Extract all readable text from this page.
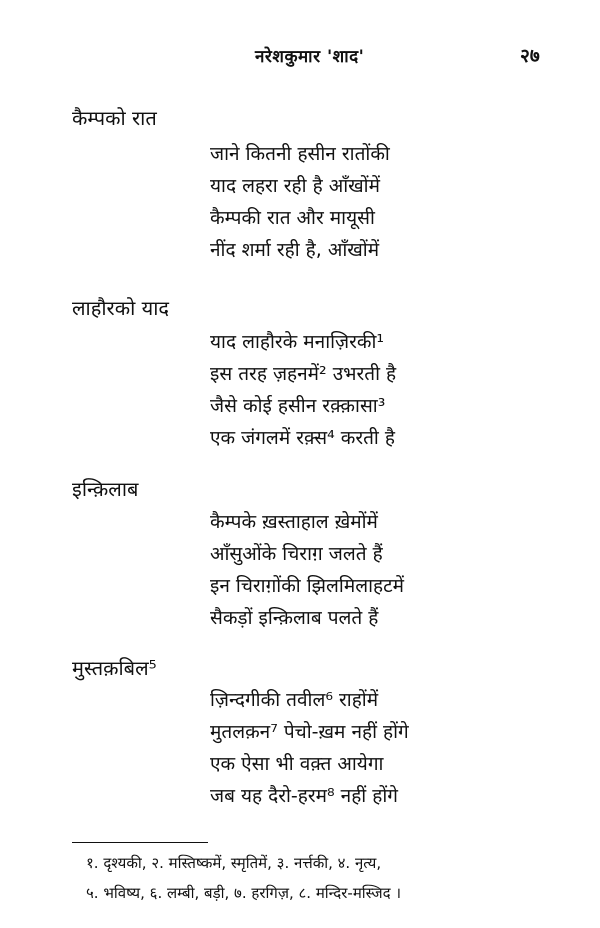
नरेशकुमार 'शाद'	२७
कैम्पको रात
जाने कितनी हसीन रातोंकी
याद लहरा रही है आँखोंमें
कैम्पकी रात और मायूसी
नींद शर्मा रही है, आँखोंमें
लाहौरको याद
याद लाहौरके मनाज़िरकी¹
इस तरह ज़हनमें² उभरती है
जैसे कोई हसीन रक़्क़ासा³
एक जंगलमें रक़्स⁴ करती है
इन्क़िलाब
कैम्पके ख़स्ताहाल ख़ेमोंमें
आँसुओंके चिराग़ जलते हैं
इन चिराग़ोंकी झिलमिलाहटमें
सैकड़ों इन्क़िलाब पलते हैं
मुस्तक़बिल⁵
ज़िन्दगीकी तवील⁶ राहोंमें
मुतलक़न⁷ पेचो-ख़म नहीं होंगे
एक ऐसा भी वक़्त आयेगा
जब यह दैरो-हरम⁸ नहीं होंगे
१. दृश्यकी, २. मस्तिष्कमें, स्मृतिमें, ३. नर्त्तकी, ४. नृत्य,
५. भविष्य, ६. लम्बी, बड़ी, ७. हरगिज़, ८. मन्दिर-मस्जिद ।
